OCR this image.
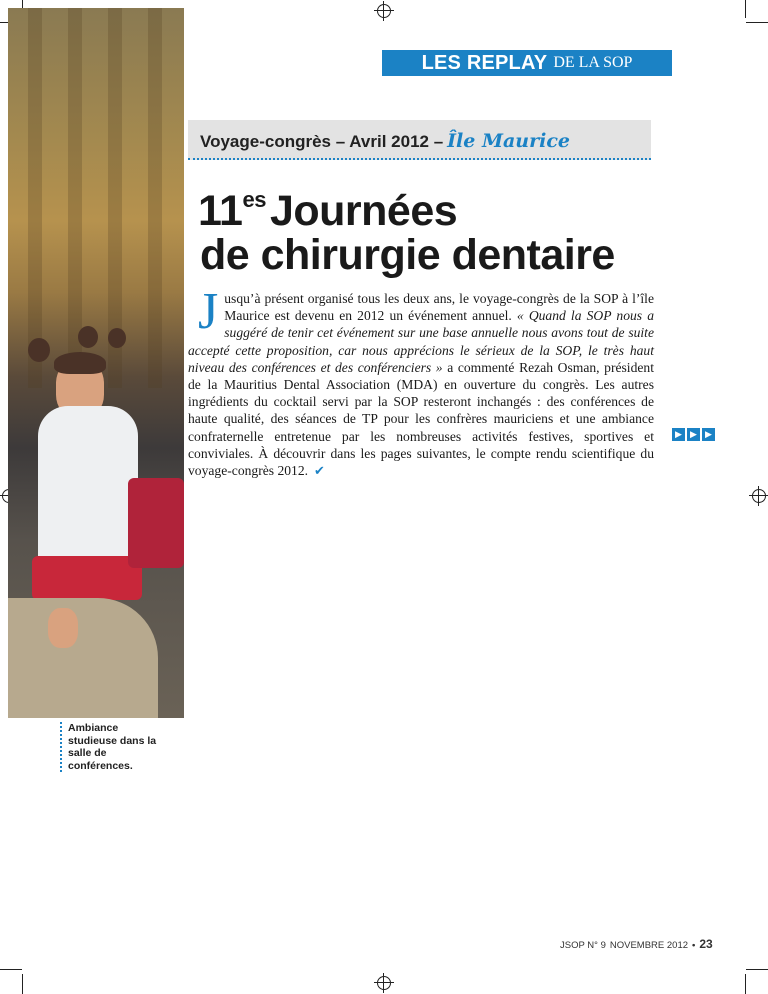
LES REPLAY DE LA SOP
Voyage-congrès – Avril 2012 – Île Maurice
$11^{es}Journées$
de chirurgie dentaire
Jusqu’à présent organisé tous les deux ans, le voyage-congrès de la SOP à l’île Maurice est devenu en 2012 un événement annuel. « Quand la SOP nous a suggéré de tenir cet événement sur une base annuelle nous avons tout de suite accepté cette proposition, car nous apprécions le sérieux de la SOP, le très haut niveau des conférences et des conférenciers » a commenté Rezah Osman, président de la Mauritius Dental Association (MDA) en ouverture du congrès. Les autres ingrédients du cocktail servi par la SOP resteront inchangés : des conférences de haute qualité, des séances de TP pour les confrères mauriciens et une ambiance confraternelle entretenue par les nombreuses activités festives, sportives et conviviales. À découvrir dans les pages suivantes, le compte rendu scientifique du voyage-congrès 2012. ✔
▶ ▶ ▶
Ambiance studieuse dans la salle de conférences.
JSOP N° 9 NOVEMBRE 2012 • 23
